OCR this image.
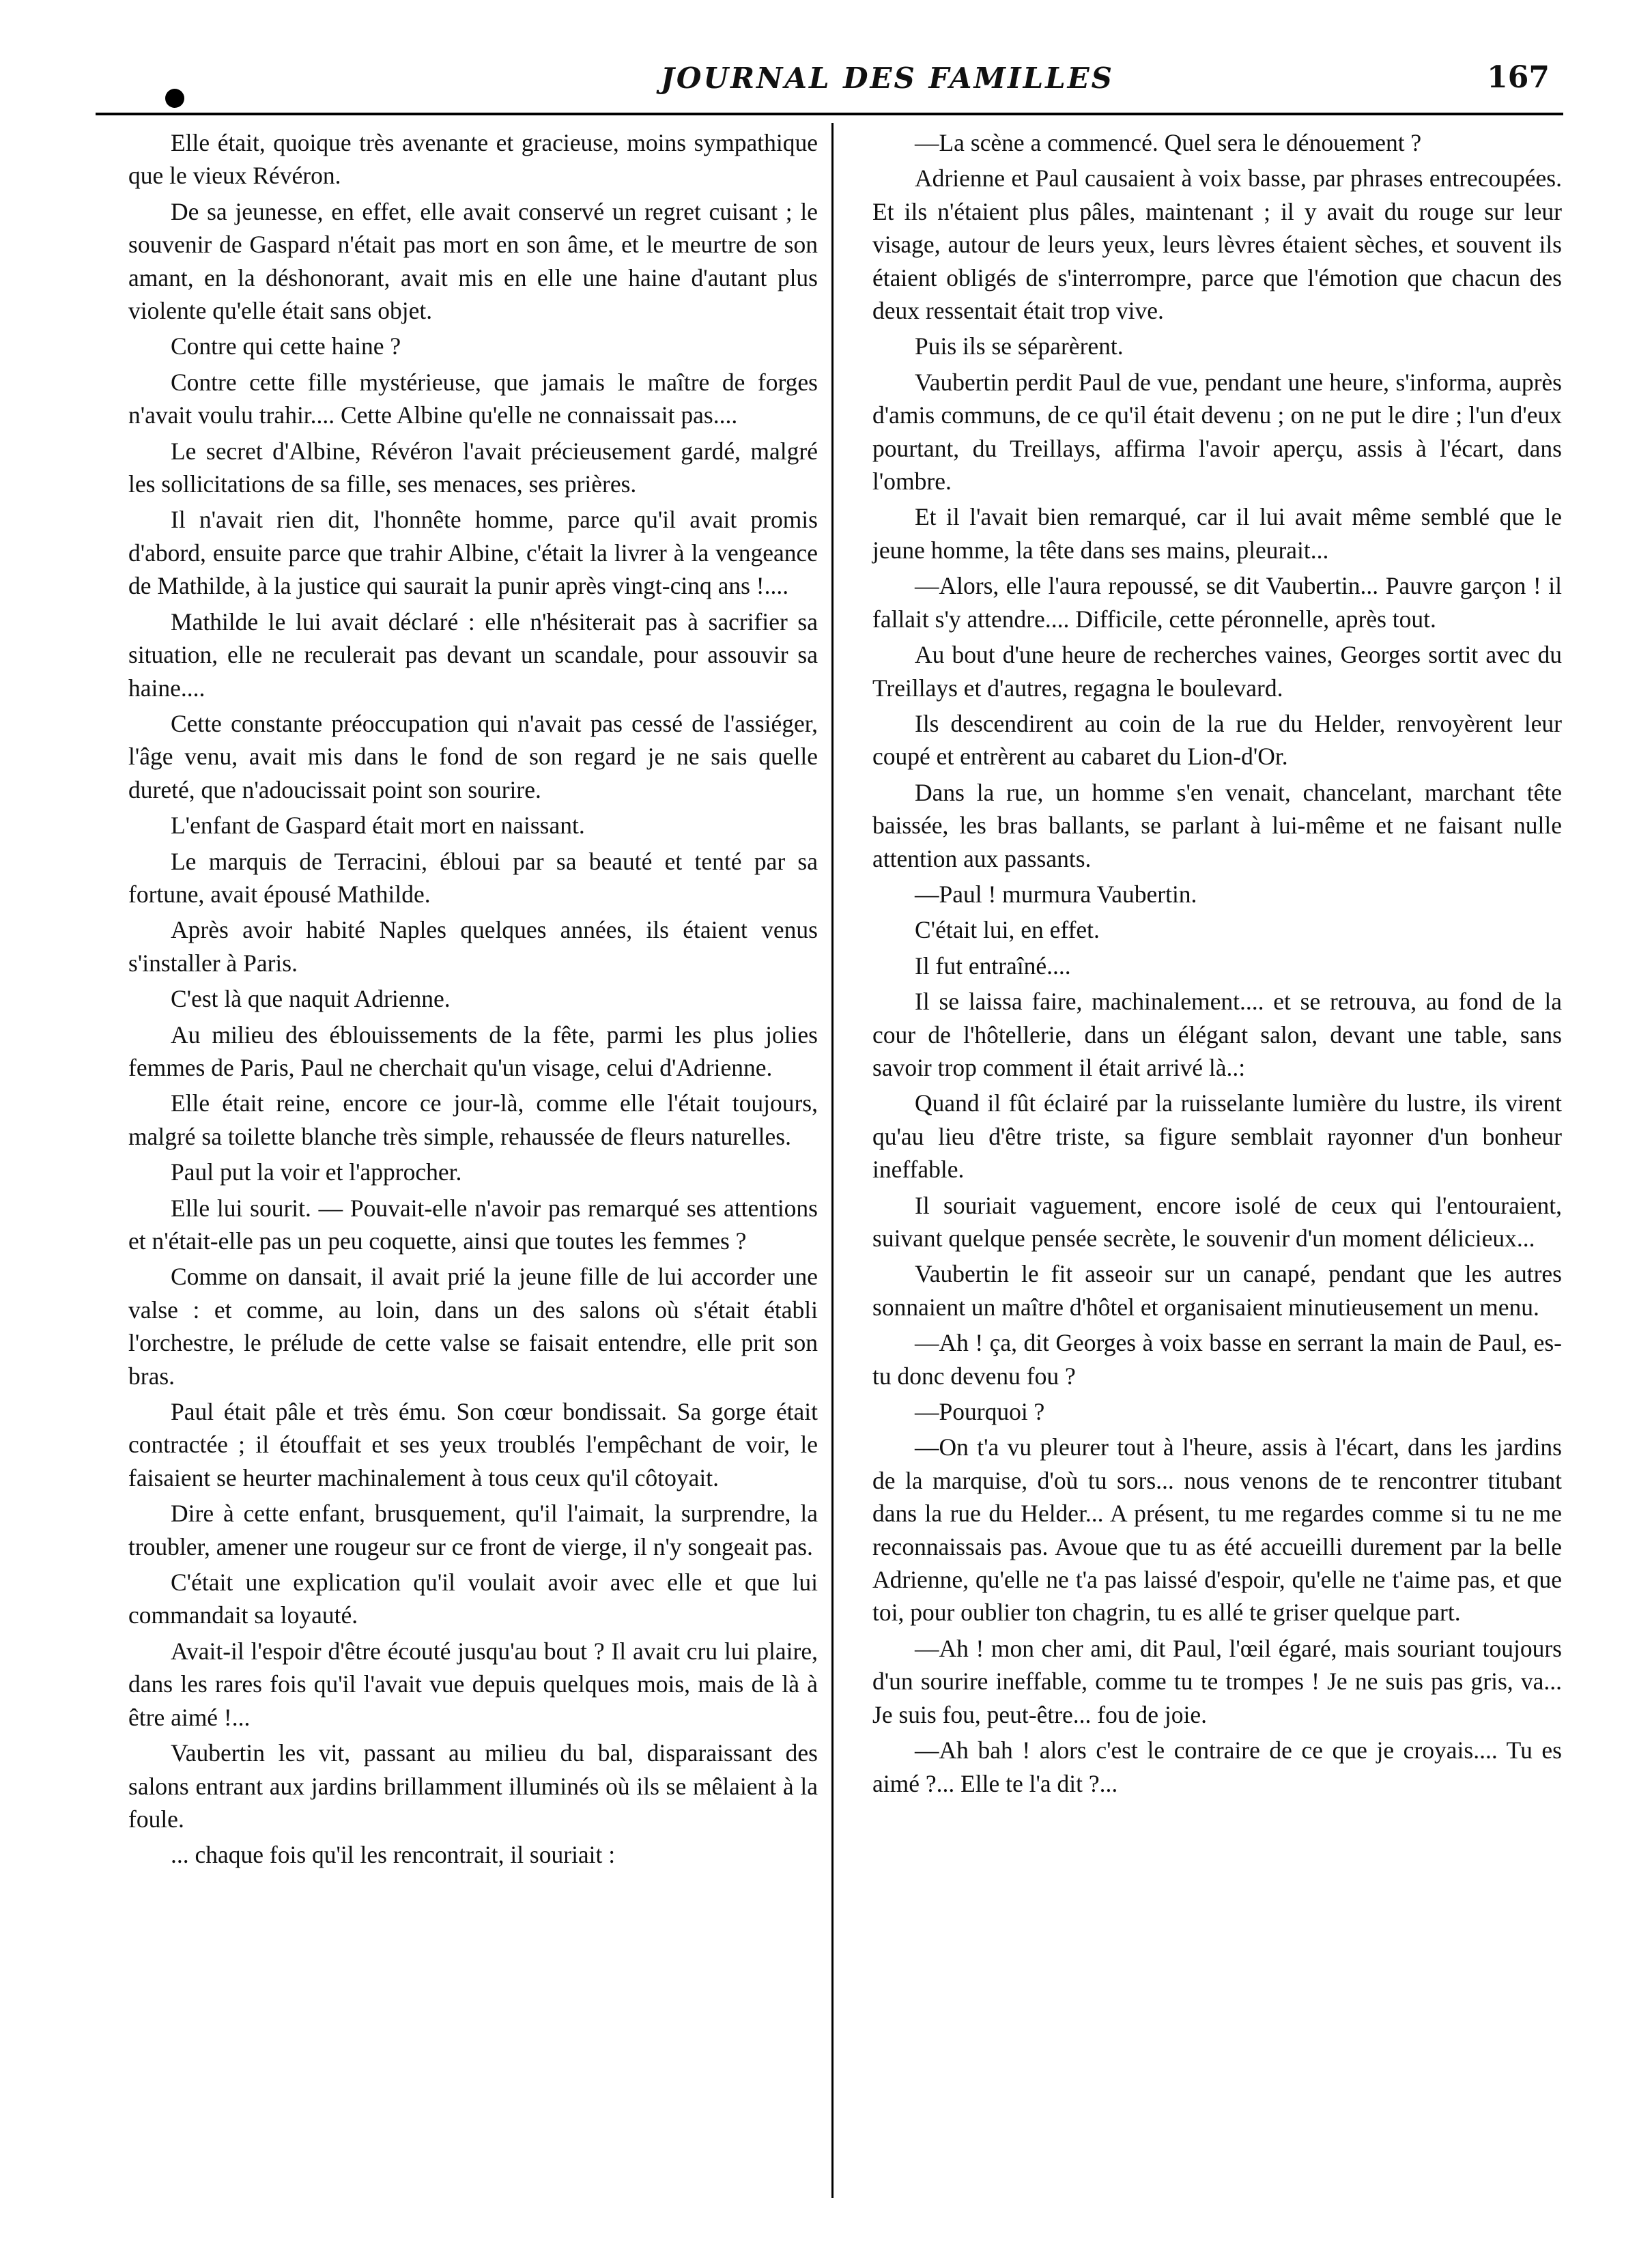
JOURNAL DES FAMILLES	167

Elle était, quoique très avenante et gracieuse, moins sympathique que le vieux Révéron.

De sa jeunesse, en effet, elle avait conservé un regret cuisant ; le souvenir de Gaspard n'était pas mort en son âme, et le meurtre de son amant, en la déshonorant, avait mis en elle une haine d'autant plus violente qu'elle était sans objet.

Contre qui cette haine ?

Contre cette fille mystérieuse, que jamais le maître de forges n'avait voulu trahir.... Cette Albine qu'elle ne connaissait pas....

Le secret d'Albine, Révéron l'avait précieusement gardé, malgré les sollicitations de sa fille, ses menaces, ses prières.

Il n'avait rien dit, l'honnête homme, parce qu'il avait promis d'abord, ensuite parce que trahir Albine, c'était la livrer à la vengeance de Mathilde, à la justice qui saurait la punir après vingt-cinq ans !....

Mathilde le lui avait déclaré : elle n'hésiterait pas à sacrifier sa situation, elle ne reculerait pas devant un scandale, pour assouvir sa haine....

Cette constante préoccupation qui n'avait pas cessé de l'assiéger, l'âge venu, avait mis dans le fond de son regard je ne sais quelle dureté, que n'adoucissait point son sourire.

L'enfant de Gaspard était mort en naissant.

Le marquis de Terracini, ébloui par sa beauté et tenté par sa fortune, avait épousé Mathilde.

Après avoir habité Naples quelques années, ils étaient venus s'installer à Paris.

C'est là que naquit Adrienne.

Au milieu des éblouissements de la fête, parmi les plus jolies femmes de Paris, Paul ne cherchait qu'un visage, celui d'Adrienne.

Elle était reine, encore ce jour-là, comme elle l'était toujours, malgré sa toilette blanche très simple, rehaussée de fleurs naturelles.

Paul put la voir et l'approcher.

Elle lui sourit. — Pouvait-elle n'avoir pas remarqué ses attentions et n'était-elle pas un peu coquette, ainsi que toutes les femmes ?

Comme on dansait, il avait prié la jeune fille de lui accorder une valse : et comme, au loin, dans un des salons où s'était établi l'orchestre, le prélude de cette valse se faisait entendre, elle prit son bras.

Paul était pâle et très ému. Son cœur bondissait. Sa gorge était contractée ; il étouffait et ses yeux troublés l'empêchant de voir, le faisaient se heurter machinalement à tous ceux qu'il côtoyait.

Dire à cette enfant, brusquement, qu'il l'aimait, la surprendre, la troubler, amener une rougeur sur ce front de vierge, il n'y songeait pas.

C'était une explication qu'il voulait avoir avec elle et que lui commandait sa loyauté.

Avait-il l'espoir d'être écouté jusqu'au bout ? Il avait cru lui plaire, dans les rares fois qu'il l'avait vue depuis quelques mois, mais de là à être aimé !...

Vaubertin les vit, passant au milieu du bal, disparaissant des salons entrant aux jardins brillamment illuminés où ils se mêlaient à la foule.

... chaque fois qu'il les rencontrait, il souriait :

—La scène a commencé. Quel sera le dénouement ?

Adrienne et Paul causaient à voix basse, par phrases entrecoupées. Et ils n'étaient plus pâles, maintenant ; il y avait du rouge sur leur visage, autour de leurs yeux, leurs lèvres étaient sèches, et souvent ils étaient obligés de s'interrompre, parce que l'émotion que chacun des deux ressentait était trop vive.

Puis ils se séparèrent.

Vaubertin perdit Paul de vue, pendant une heure, s'informa, auprès d'amis communs, de ce qu'il était devenu ; on ne put le dire ; l'un d'eux pourtant, du Treillays, affirma l'avoir aperçu, assis à l'écart, dans l'ombre.

Et il l'avait bien remarqué, car il lui avait même semblé que le jeune homme, la tête dans ses mains, pleurait...

—Alors, elle l'aura repoussé, se dit Vaubertin... Pauvre garçon ! il fallait s'y attendre.... Difficile, cette péronnelle, après tout.

Au bout d'une heure de recherches vaines, Georges sortit avec du Treillays et d'autres, regagna le boulevard.

Ils descendirent au coin de la rue du Helder, renvoyèrent leur coupé et entrèrent au cabaret du Lion-d'Or.

Dans la rue, un homme s'en venait, chancelant, marchant tête baissée, les bras ballants, se parlant à lui-même et ne faisant nulle attention aux passants.

—Paul ! murmura Vaubertin.

C'était lui, en effet.

Il fut entraîné....

Il se laissa faire, machinalement.... et se retrouva, au fond de la cour de l'hôtellerie, dans un élégant salon, devant une table, sans savoir trop comment il était arrivé là..:

Quand il fût éclairé par la ruisselante lumière du lustre, ils virent qu'au lieu d'être triste, sa figure semblait rayonner d'un bonheur ineffable.

Il souriait vaguement, encore isolé de ceux qui l'entouraient, suivant quelque pensée secrète, le souvenir d'un moment délicieux...

Vaubertin le fit asseoir sur un canapé, pendant que les autres sonnaient un maître d'hôtel et organisaient minutieusement un menu.

—Ah ! ça, dit Georges à voix basse en serrant la main de Paul, es-tu donc devenu fou ?

—Pourquoi ?

—On t'a vu pleurer tout à l'heure, assis à l'écart, dans les jardins de la marquise, d'où tu sors... nous venons de te rencontrer titubant dans la rue du Helder... A présent, tu me regardes comme si tu ne me reconnaissais pas. Avoue que tu as été accueilli durement par la belle Adrienne, qu'elle ne t'a pas laissé d'espoir, qu'elle ne t'aime pas, et que toi, pour oublier ton chagrin, tu es allé te griser quelque part.

—Ah ! mon cher ami, dit Paul, l'œil égaré, mais souriant toujours d'un sourire ineffable, comme tu te trompes ! Je ne suis pas gris, va... Je suis fou, peut-être... fou de joie.

—Ah bah ! alors c'est le contraire de ce que je croyais.... Tu es aimé ?... Elle te l'a dit ?...
